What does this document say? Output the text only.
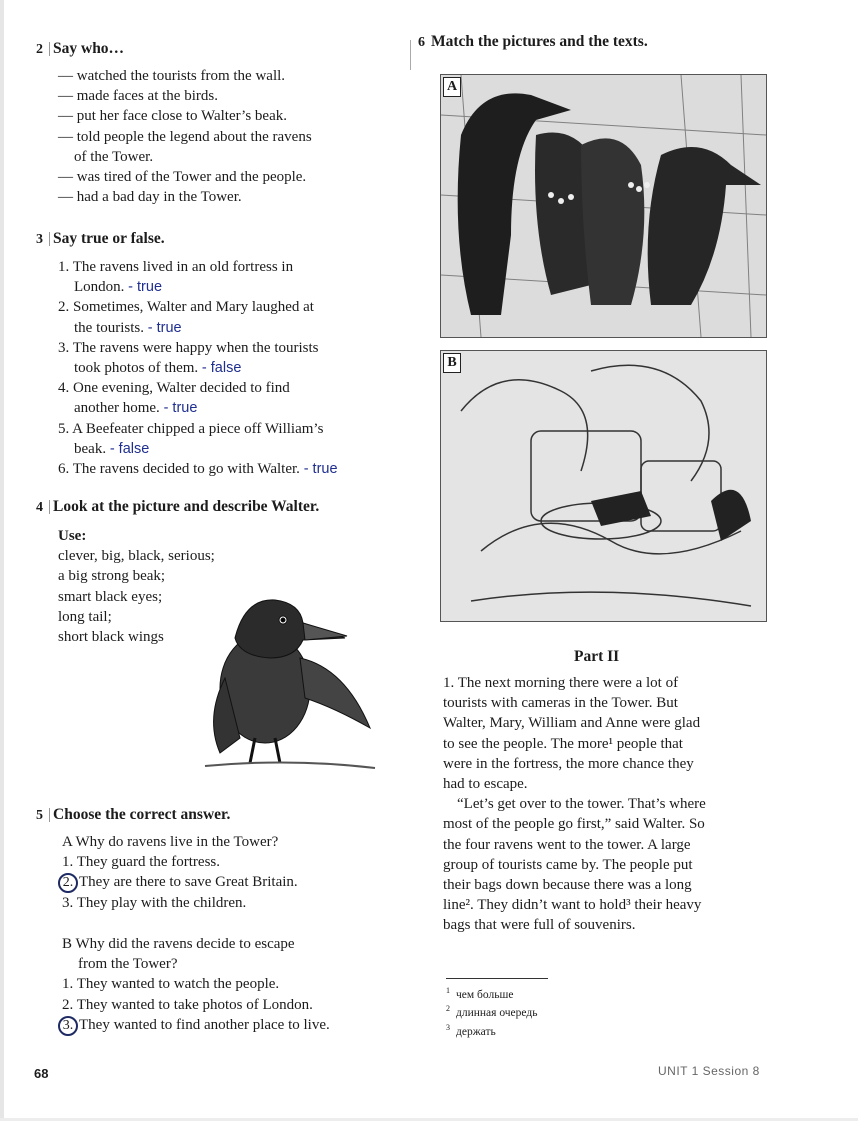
2 Say who…
— watched the tourists from the wall.
— made faces at the birds.
— put her face close to Walter’s beak.
— told people the legend about the ravens
of the Tower.
— was tired of the Tower and the people.
— had a bad day in the Tower.
3 Say true or false.
1. The ravens lived in an old fortress in
London. - true
2. Sometimes, Walter and Mary laughed at
the tourists. - true
3. The ravens were happy when the tourists
took photos of them. - false
4. One evening, Walter decided to find
another home. - true
5. A Beefeater chipped a piece off William’s
beak. - false
6. The ravens decided to go with Walter. - true
4 Look at the picture and describe Walter.
Use:
clever, big, black, serious;
a big strong beak;
smart black eyes;
long tail;
short black wings
5 Choose the correct answer.
A Why do ravens live in the Tower?
1. They guard the fortress.
2. They are there to save Great Britain.
3. They play with the children.
B Why did the ravens decide to escape
from the Tower?
1. They wanted to watch the people.
2. They wanted to take photos of London.
3. They wanted to find another place to live.
6 Match the pictures and the texts.
A
B
Part II
1. The next morning there were a lot of
tourists with cameras in the Tower. But
Walter, Mary, William and Anne were glad
to see the people. The more¹ people that
were in the fortress, the more chance they
had to escape.
“Let’s get over to the tower. That’s where
most of the people go first,” said Walter. So
the four ravens went to the tower. A large
group of tourists came by. The people put
their bags down because there was a long
line². They didn’t want to hold³ their heavy
bags that were full of souvenirs.
$^1$ чем больше
$^2$ длинная очередь
$^3$ держать
68	UNIT 1 Session 8
